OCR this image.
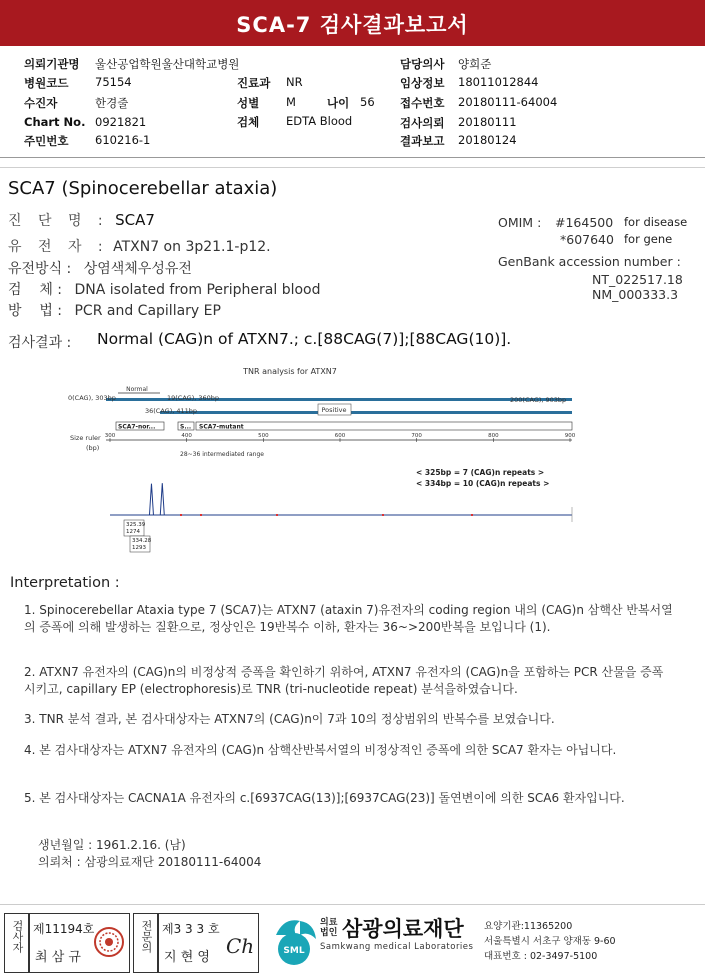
SCA-7 검사결과보고서
의뢰기관명 울산공업학원울산대학교병원	담당의사 양희준
병원코드 75154	진료과 NR	임상정보 18011012844
수진자	한경줄	성별 M	나이 56 접수번호 20180111-64004
Chart No. 0921821	검체 EDTA Blood	검사의뢰 20180111
주민번호 610216-1	결과보고 20180124
SCA7 (Spinocerebellar ataxia)
진 단 명 : SCA7
유 전 자 : ATXN7 on 3p21.1-p12.
유전방식 : 상염색체우성유전
검    체 : DNA isolated from Peripheral blood
방    법 : PCR and Capillary EP
OMIM : #164500 for disease
*607640 for gene
GenBank accession number :
NT_022517.18
NM_000333.3
검사결과 : Normal (CAG)n of ATXN7.; c.[88CAG(7)];[88CAG(10)].
TNR analysis for ATXN7
Normal
Positive
0(CAG), 303bp	19(CAG), 360bp
36(CAG), 411bp
200(CAG), 903bp
SCA7-nor...	S... SCA7-mutant
Size ruler
(bp)
300	400	500	600	700	800	900
28~36 intermediated range
< 325bp = 7 (CAG)n repeats >
< 334bp = 10 (CAG)n repeats >
325.39
1274
334.28
1293
Interpretation :
1. Spinocerebellar Ataxia type 7 (SCA7)는 ATXN7 (ataxin 7)유전자의 coding region 내의 (CAG)n 삼핵산 반복서열의 증폭에 의해 발생하는 질환으로, 정상인은 19반복수 이하, 환자는 36~>200반복을 보입니다 (1).
2. ATXN7 유전자의 (CAG)n의 비정상적 증폭을 확인하기 위하여, ATXN7 유전자의 (CAG)n을 포함하는 PCR 산물을 증폭시키고, capillary EP (electrophoresis)로 TNR (tri-nucleotide repeat) 분석을하였습니다.
3. TNR 분석 결과, 본 검사대상자는 ATXN7의 (CAG)n이 7과 10의 정상범위의 반복수를 보였습니다.
4. 본 검사대상자는 ATXN7 유전자의 (CAG)n 삼핵산반복서열의 비정상적인 증폭에 의한 SCA7 환자는 아닙니다.
5. 본 검사대상자는 CACNA1A 유전자의 c.[6937CAG(13)];[6937CAG(23)] 돌연변이에 의한 SCA6 환자입니다.
생년월일 : 1961.2.16. (남)
의뢰처 : 삼광의료재단 20180111-64004
검사자 제11194호
최 삼 규
전문의 제3 3 3 호
지 현 영 Ch	SML
의료
법인 삼광의료재단
Samkwang medical Laboratories
요양기관:11365200
서울특별시 서초구 양재동 9-60
대표번호 : 02-3497-5100
